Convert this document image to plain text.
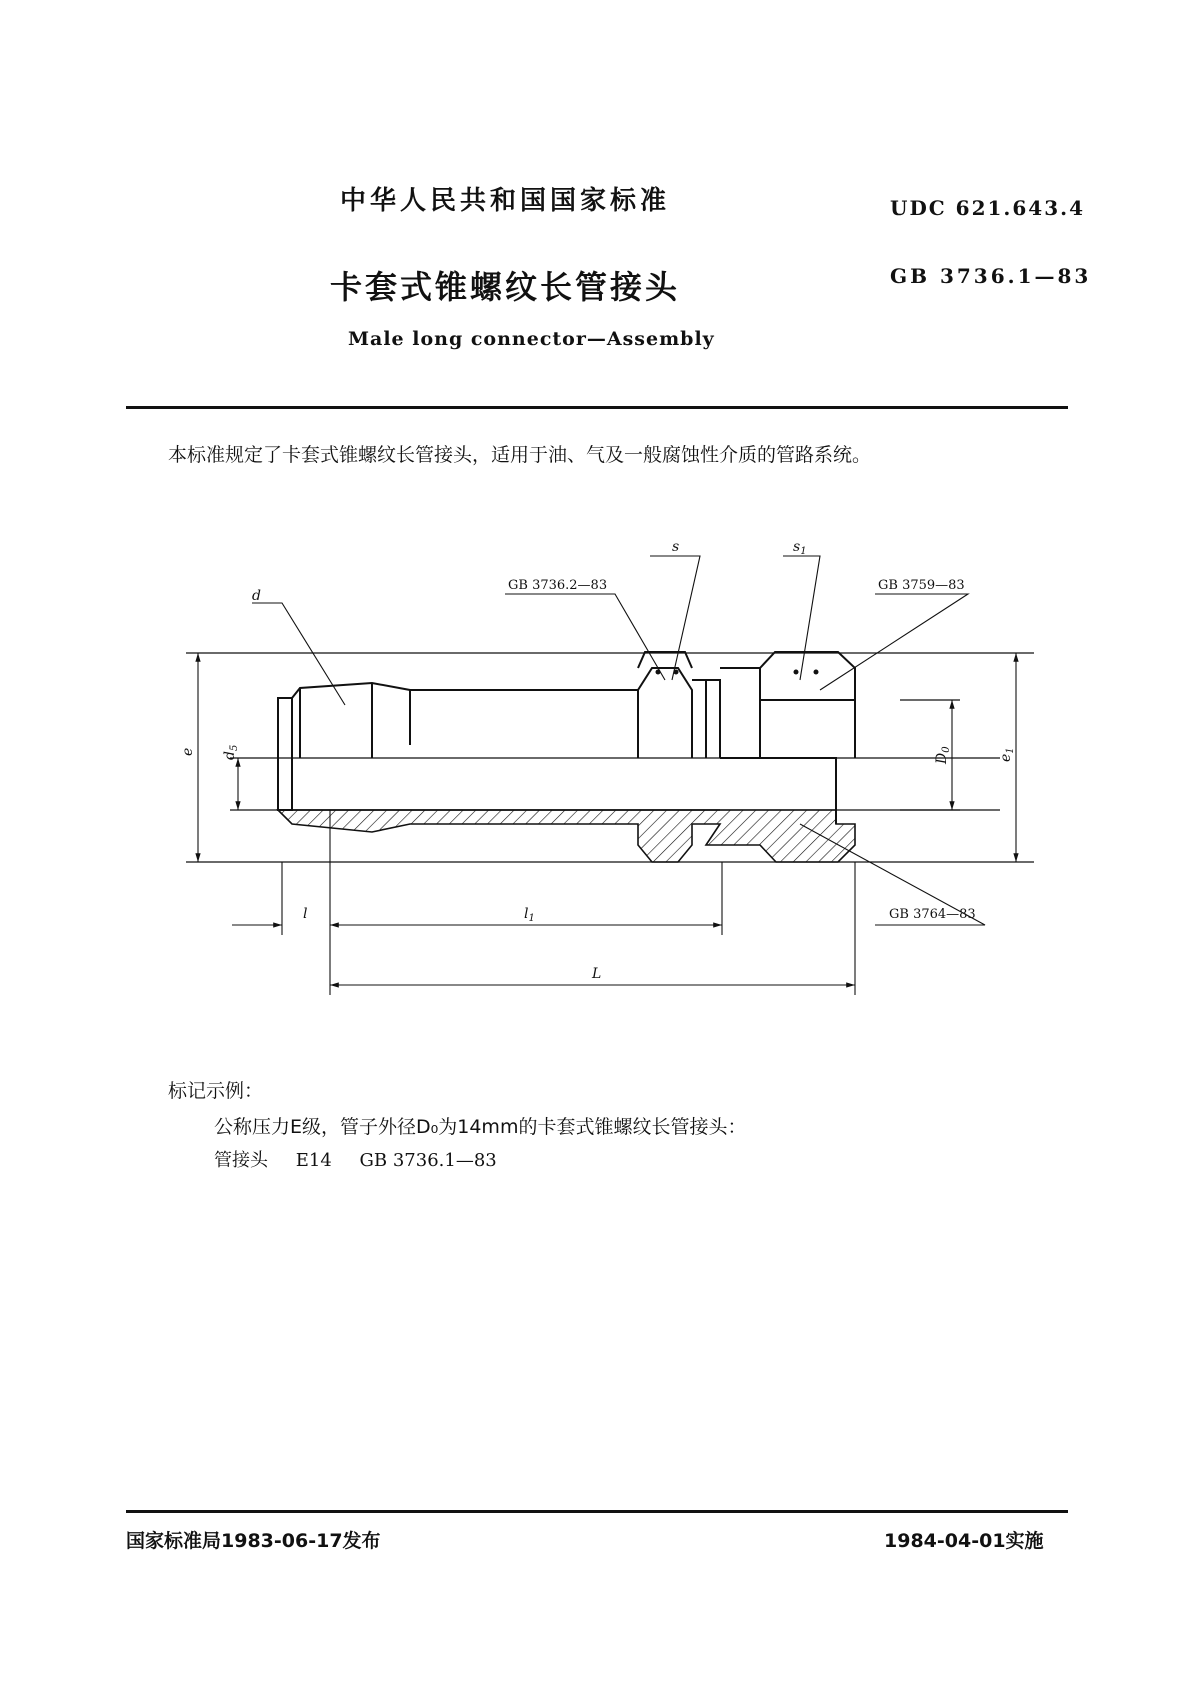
中华人民共和国国家标准	UDC 621.643.4
卡套式锥螺纹长管接头	GB 3736.1—83
Male long connector—Assembly
本标准规定了卡套式锥螺纹长管接头，适用于油、气及一般腐蚀性介质的管路系统。
GB 3736.2—83	GB 3759—83
GB 3764—83
d
s	$s_1$
e $d_5$
$D_0$
$e_1$
l	$l_1$
L
标记示例：
公称压力E级，管子外径D₀为14mm的卡套式锥螺纹长管接头：
管接头 E14 GB 3736.1—83
国家标准局1983-06-17发布	1984-04-01实施
